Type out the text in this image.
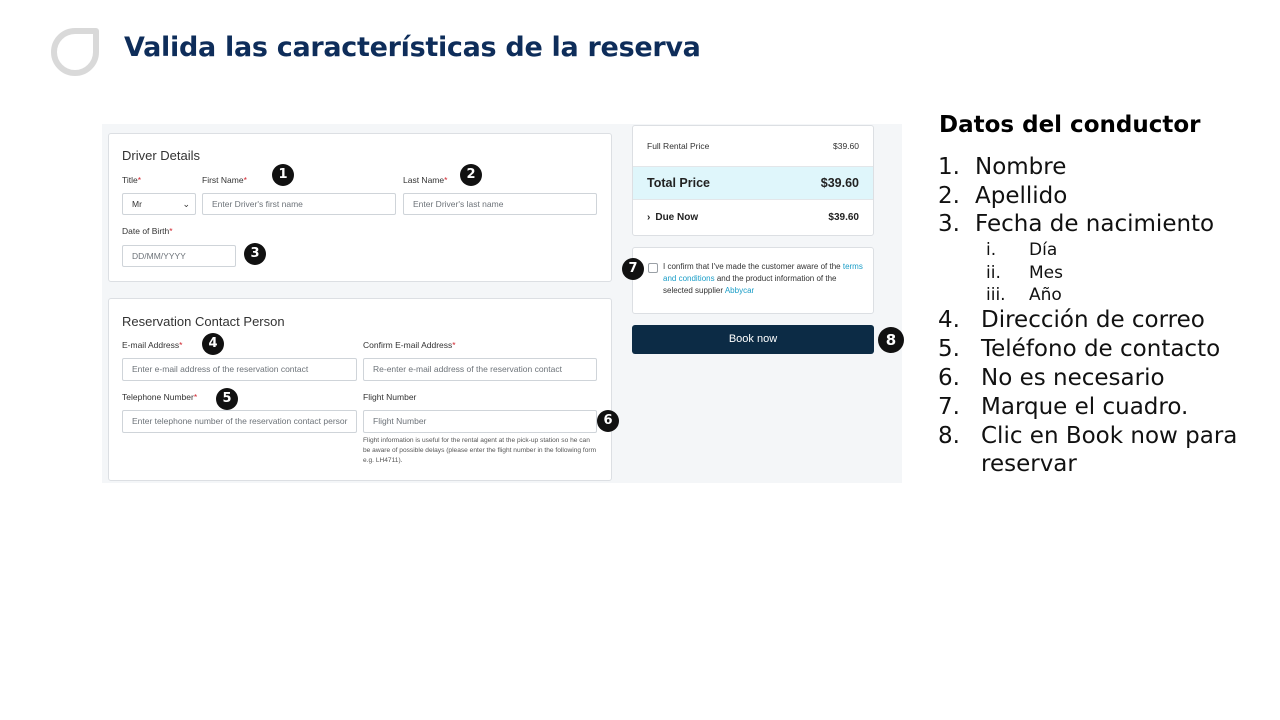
Valida las características de la reserva
Driver Details
Title*
Mr	⌄
First Name*
Enter Driver's first name
Last Name*
Enter Driver's last name
Date of Birth*
DD/MM/YYYY
Reservation Contact Person
E-mail Address*
Enter e-mail address of the reservation contact
Confirm E-mail Address*
Re-enter e-mail address of the reservation contact
Telephone Number*
Enter telephone number of the reservation contact persor
Flight Number
Flight Number
Flight information is useful for the rental agent at the pick-up station so he can be aware of possible delays (please enter the flight number in the following form e.g. LH4711).
Full Rental Price	$39.60
Total Price	$39.60
› Due Now	$39.60
I confirm that I've made the customer aware of the terms and conditions and the product information of the selected supplier Abbycar
Book now
1	2
3
4
5
6
7
8
Datos del conductor
1. Nombre
2. Apellido
3. Fecha de nacimiento
i. Día
ii. Mes
iii. Año
4. Dirección de correo
5. Teléfono de contacto
6. No es necesario
7. Marque el cuadro.
8. Clic en Book now para
reservar
